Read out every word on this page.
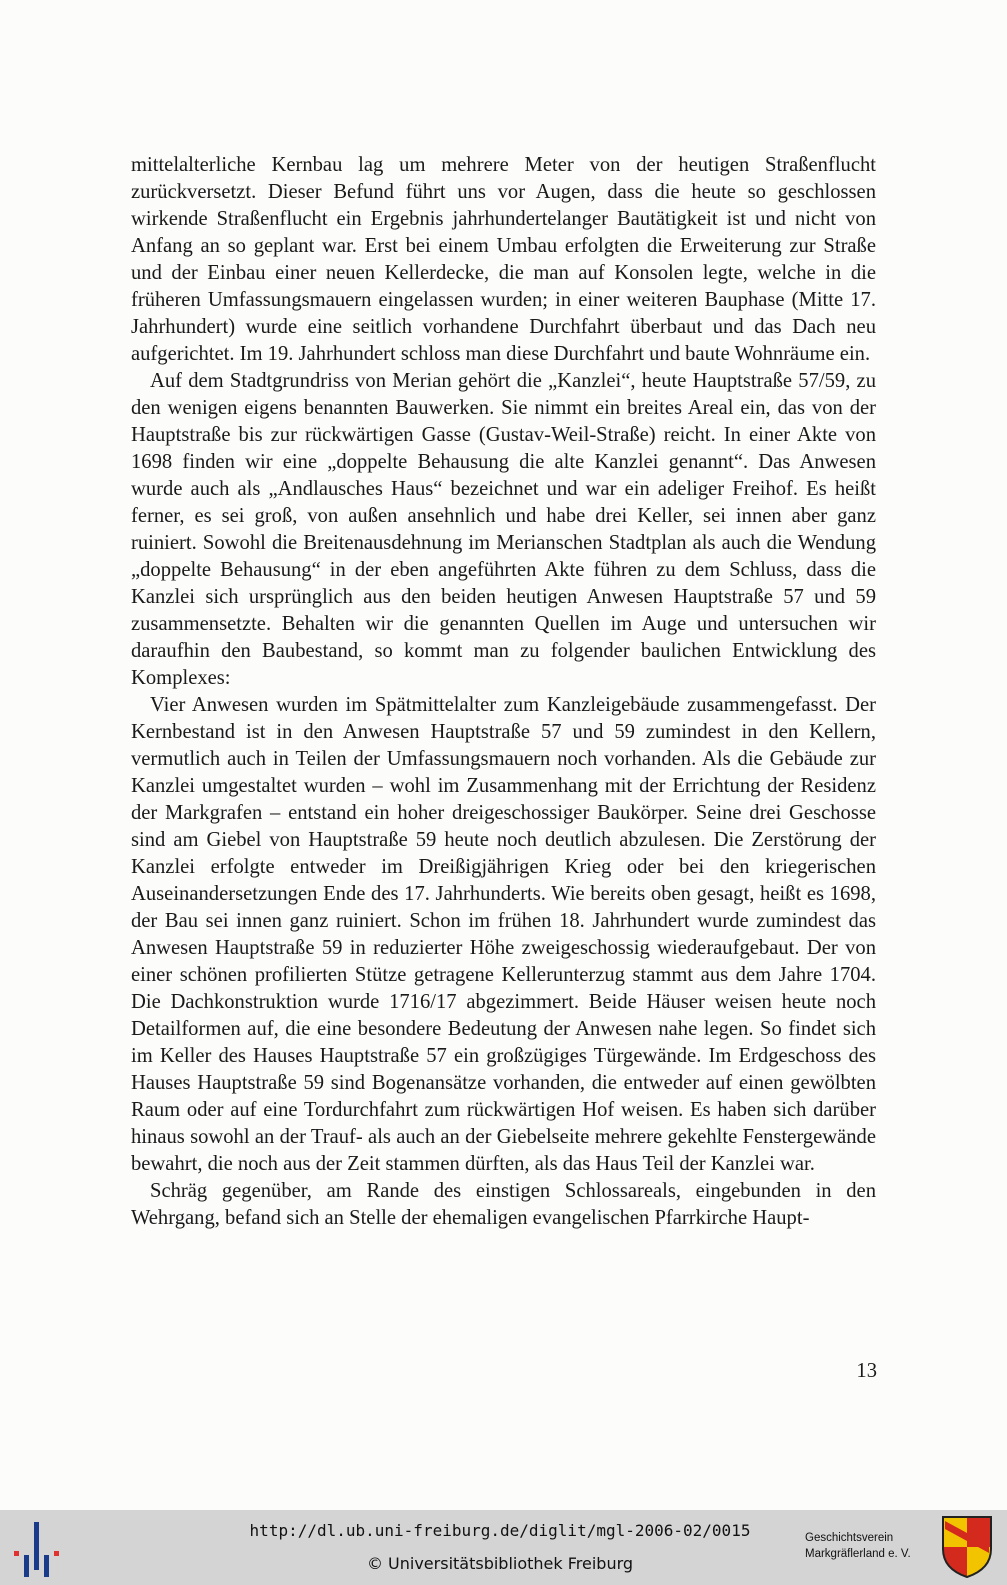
mittelalterliche Kernbau lag um mehrere Meter von der heutigen Straßenflucht zurückversetzt. Dieser Befund führt uns vor Augen, dass die heute so geschlossen wirkende Straßenflucht ein Ergebnis jahrhundertelanger Bautätigkeit ist und nicht von Anfang an so geplant war. Erst bei einem Umbau erfolgten die Erweiterung zur Straße und der Einbau einer neuen Kellerdecke, die man auf Konsolen legte, welche in die früheren Umfassungsmauern eingelassen wurden; in einer weiteren Bauphase (Mitte 17. Jahrhundert) wurde eine seitlich vorhandene Durchfahrt überbaut und das Dach neu aufgerichtet. Im 19. Jahrhundert schloss man diese Durchfahrt und baute Wohnräume ein.

Auf dem Stadtgrundriss von Merian gehört die „Kanzlei“, heute Hauptstraße 57/59, zu den wenigen eigens benannten Bauwerken. Sie nimmt ein breites Areal ein, das von der Hauptstraße bis zur rückwärtigen Gasse (Gustav-Weil-Straße) reicht. In einer Akte von 1698 finden wir eine „doppelte Behausung die alte Kanzlei genannt“. Das Anwesen wurde auch als „Andlausches Haus“ bezeichnet und war ein adeliger Freihof. Es heißt ferner, es sei groß, von außen ansehnlich und habe drei Keller, sei innen aber ganz ruiniert. Sowohl die Breitenausdehnung im Merianschen Stadtplan als auch die Wendung „doppelte Behausung“ in der eben angeführten Akte führen zu dem Schluss, dass die Kanzlei sich ursprünglich aus den beiden heutigen Anwesen Hauptstraße 57 und 59 zusammensetzte. Behalten wir die genannten Quellen im Auge und untersuchen wir daraufhin den Baubestand, so kommt man zu folgender baulichen Entwicklung des Komplexes:

Vier Anwesen wurden im Spätmittelalter zum Kanzleigebäude zusammengefasst. Der Kernbestand ist in den Anwesen Hauptstraße 57 und 59 zumindest in den Kellern, vermutlich auch in Teilen der Umfassungsmauern noch vorhanden. Als die Gebäude zur Kanzlei umgestaltet wurden – wohl im Zusammenhang mit der Errichtung der Residenz der Markgrafen – entstand ein hoher dreigeschossiger Baukörper. Seine drei Geschosse sind am Giebel von Hauptstraße 59 heute noch deutlich abzulesen. Die Zerstörung der Kanzlei erfolgte entweder im Dreißigjährigen Krieg oder bei den kriegerischen Auseinandersetzungen Ende des 17. Jahrhunderts. Wie bereits oben gesagt, heißt es 1698, der Bau sei innen ganz ruiniert. Schon im frühen 18. Jahrhundert wurde zumindest das Anwesen Hauptstraße 59 in reduzierter Höhe zweigeschossig wiederaufgebaut. Der von einer schönen profilierten Stütze getragene Kellerunterzug stammt aus dem Jahre 1704. Die Dachkonstruktion wurde 1716/17 abgezimmert. Beide Häuser weisen heute noch Detailformen auf, die eine besondere Bedeutung der Anwesen nahe legen. So findet sich im Keller des Hauses Hauptstraße 57 ein großzügiges Türgewände. Im Erdgeschoss des Hauses Hauptstraße 59 sind Bogenansätze vorhanden, die entweder auf einen gewölbten Raum oder auf eine Tordurchfahrt zum rückwärtigen Hof weisen. Es haben sich darüber hinaus sowohl an der Trauf- als auch an der Giebelseite mehrere gekehlte Fenstergewände bewahrt, die noch aus der Zeit stammen dürften, als das Haus Teil der Kanzlei war.

Schräg gegenüber, am Rande des einstigen Schlossareals, eingebunden in den Wehrgang, befand sich an Stelle der ehemaligen evangelischen Pfarrkirche Haupt-

13
http://dl.ub.uni-freiburg.de/diglit/mgl-2006-02/0015
© Universitätsbibliothek Freiburg
Geschichtsverein
Markgräflerland e. V.
